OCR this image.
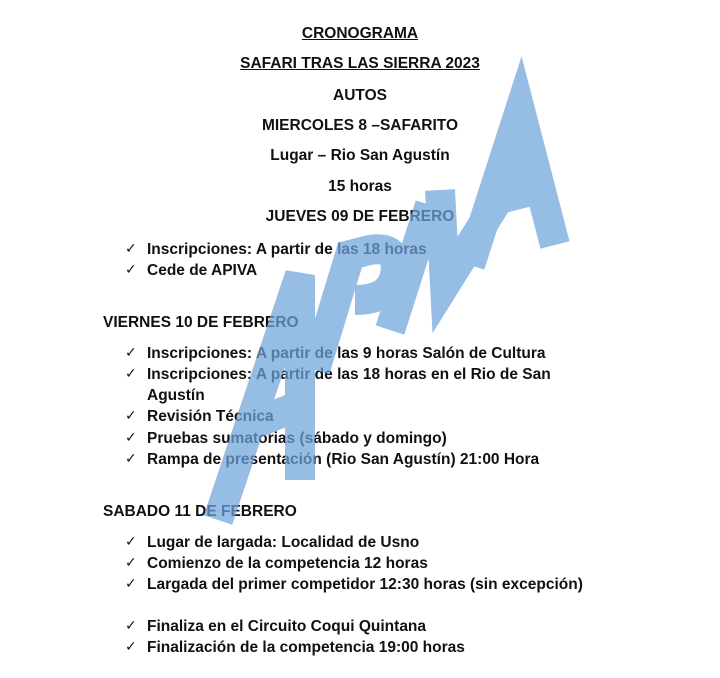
CRONOGRAMA
SAFARI TRAS LAS SIERRA 2023
AUTOS
MIERCOLES 8 –SAFARITO
Lugar – Rio San Agustín
15 horas
JUEVES 09 DE FEBRERO
✓ Inscripciones: A partir de las 18 horas
✓ Cede de APIVA
VIERNES 10 DE FEBRERO
✓ Inscripciones: A partir de las 9 horas Salón de Cultura
✓ Inscripciones: A partir de las 18 horas en el Rio de San Agustín
✓ Revisión Técnica
✓ Pruebas sumatorias (sábado y domingo)
✓ Rampa de presentación (Rio San Agustín) 21:00 Hora
SABADO 11 DE FEBRERO
✓ Lugar de largada: Localidad de Usno
✓ Comienzo de la competencia 12 horas
✓ Largada del primer competidor 12:30 horas (sin excepción)
✓ Finaliza en el Circuito Coqui Quintana
✓ Finalización de la competencia 19:00 horas
